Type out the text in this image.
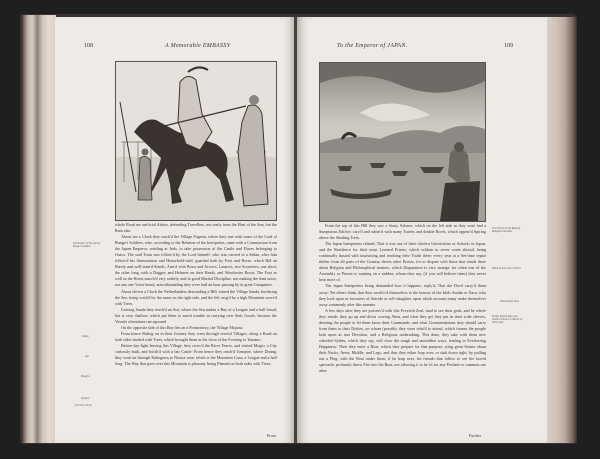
108	A Memorable EMBASSY

whole Road are artificial Arbors, defending Travellers, not onely from the Heat of the Sun, but the Rain also.

About ten a Clock they reach'd the Village Fugetta, where they met with some of the Lord of Bungo's Soldiers, who, according to the Relation of the Interpreter, came with a Commission from the Japan Emperor, residing at Jedo, to take possession of the Castle and Places belonging to Osaca. The said Train was follow'd by the Lord himself, who was carried in a Sedan, after him follow'd his Ammunition and Household-stuff, guarded both by Foot and Horse, which Rid on Barely and well-train'd Steeds, Arm'd with Bows and Arrows, Launces, two Scymiters, one short, the other long, with a Dagger, and Helmets on their Heads, and Winchester Boots: The Foot as well as the Horse march'd very orderly, and in good Martial Discipline, not making the least noise, not any one Voice heard, notwithstanding they were half an hour passing by in great Companies.

About eleven a Clock the Netherlanders descending a Hill, entred the Village Sanda, bordering the Sea, being wash'd by the same on the right side, and the left verg'd by a high Mountain cover'd with Trees.

Leaving Sanda they reach'd an Ava, where the Sea makes a Bay of a League and a half broad, but is very shallow, which put them to much trouble in carrying over their Goods, because the Vessels oftentimes ran aground.

On the opposite side of this Bay lies on a Promontory, the Village Mojaria.

From hence Riding on in their Journey they went through several Villages, along a Road on both sides shaded with Trees, which brought them in the close of the Evening to Tomano.

Before day-light leaving this Village, they cross'd the River Tenrio, and visited Mogio, a City curiously built, and fortifi'd with a fair Castle: From hence they reach'd Tomaroe, where Dining, they went on through Kakegawa to Nisaca: near which is the Mountain Cona, a League and a half long. The Way that goes over this Mountain is pleasant, being Planted on both sides with Trees.

From
The Brother of the Lord of Bungo's Soldiers.
Sanda
Ava
Mojaria
Tomano
The river Tenrio
To the Emperor of JAPAN.	109

From the top of this Hill they saw a Stony Adonce, which on the left side as they went had a Sumptuous Edifice, carv'd and adorn'd with many Turrets and double Roofs, which appear'd Spiring above the Shading Trees.

The Japan Interpreters related, That it was one of their chiefest Universities or Schools in Japan, and the Residence for their most Learned Priests: which seldom or never come abroad, being continually busied with instructing and teaching their Youth there; every year at a Set-time repair thither from all parts of the Country divers other Priests, for to dispute with those that reside there about Religion and Philosophical matters; which Disputation is very strange, for often one of the Assembly or Priests is wanting on a sudden, whom they say, (if you will believe them) they never hear more of.

The Japan Interpreters being demanded how it happens, reply'd, That the Devil carry'd them away: Yet others think, that they sacrific'd themselves to the honour of the Idols Amida or Xaca, who they look upon as favourers of Suicide or self-slaughter, upon which account many make themselves away commonly after this manner.

A few days after they are possess'd with this Feverish Zeal, mad to see their gods, and be where they reside, they go up and down craving Alms, and what they get they put in their wide sleeves, desiring the people to let them know their Commands, and what Commendations they should carry from them to their Deities, on whom (possibly they were relat'd to attend, which frames the people look upon as true Devotion, and a Religious undertaking. This done, they take with them new wheeled Sythes, which they say, will clear the rough and untrodden ways, leading to Everlasting Happiness: Then they enter a Boat, which they prepare for that purpose, tying great Stones about their Necks, Arms, Middle, and Legs, and thus they either leap over, or sink down right, by pulling out a Plug, with the Boat under them; if he leap over, his friends that follow to see the horrid spectacle, profusely throw Fire into his Boat, not allowing it to be fit for any Profane or common use after.

Further
The Schools in the Bond of Religious Devotion.
Bands of their secret Devils.
Odd and fair Zeal.
People believe that none obtain a Favour or Revive of their Gods.
